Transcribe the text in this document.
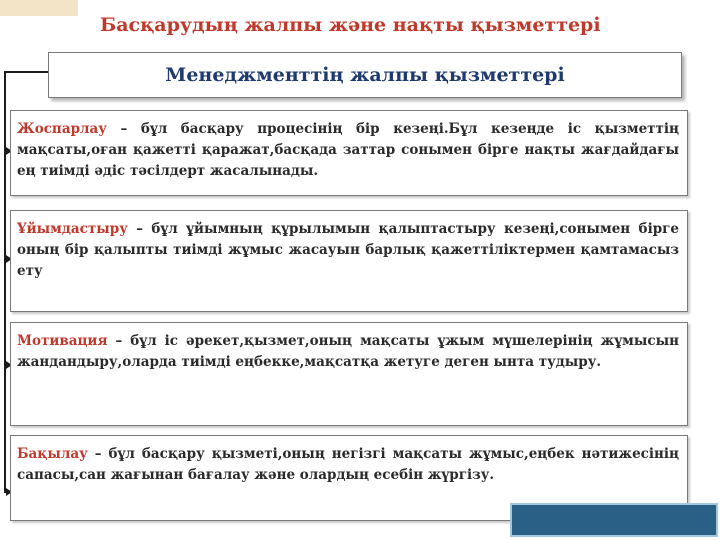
Басқарудың жалпы және нақты қызметтері
Менеджменттің жалпы қызметтері
Жоспарлау – бұл басқару процесінің бір кезеңі.Бұл кезеңде іс қызметтің мақсаты,оған қажетті қаражат,басқада заттар сонымен бірге нақты жағдайдағы ең тиімді әдіс тәсілдерт жасалынады.
Ұйымдастыру – бұл ұйымның құрылымын қалыптастыру кезеңі,сонымен бірге оның бір қалыпты тиімді жұмыс жасауын барлық қажеттіліктермен қамтамасыз ету
Мотивация – бұл іс әрекет,қызмет,оның мақсаты ұжым мүшелерінің жұмысын жандандыру,оларда тиімді еңбекке,мақсатқа жетуге деген ынта тудыру.
Бақылау – бұл басқару қызметі,оның негізгі мақсаты жұмыс,еңбек нәтижесінің сапасы,сан жағынан бағалау және олардың есебін жүргізу.
